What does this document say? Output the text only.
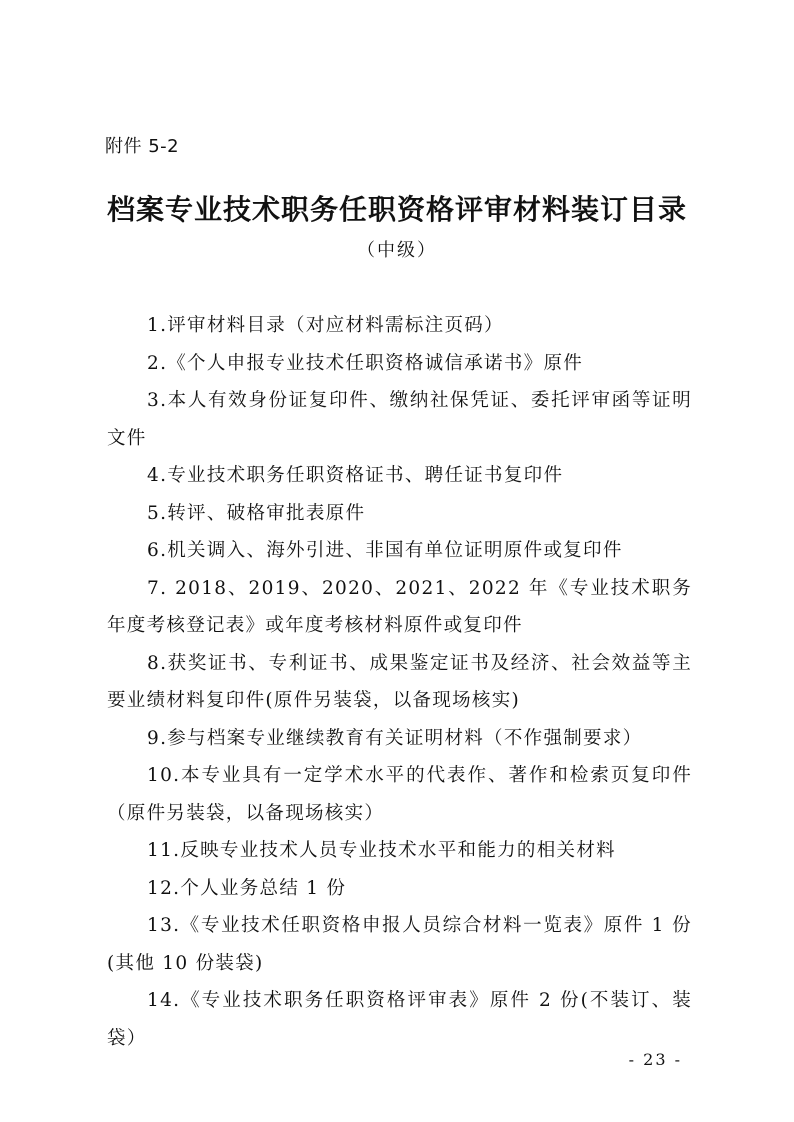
附件 5-2
档案专业技术职务任职资格评审材料装订目录
（中级）
1.评审材料目录（对应材料需标注页码）
2.《个人申报专业技术任职资格诚信承诺书》原件
3.本人有效身份证复印件、缴纳社保凭证、委托评审函等证明文件
4.专业技术职务任职资格证书、聘任证书复印件
5.转评、破格审批表原件
6.机关调入、海外引进、非国有单位证明原件或复印件
7. 2018、2019、2020、2021、2022 年《专业技术职务年度考核登记表》或年度考核材料原件或复印件
8.获奖证书、专利证书、成果鉴定证书及经济、社会效益等主要业绩材料复印件(原件另装袋，以备现场核实)
9.参与档案专业继续教育有关证明材料（不作强制要求）
10.本专业具有一定学术水平的代表作、著作和检索页复印件（原件另装袋，以备现场核实）
11.反映专业技术人员专业技术水平和能力的相关材料
12.个人业务总结 1 份
13.《专业技术任职资格申报人员综合材料一览表》原件 1 份(其他 10 份装袋)
14.《专业技术职务任职资格评审表》原件 2 份(不装订、装袋）
- 23 -
